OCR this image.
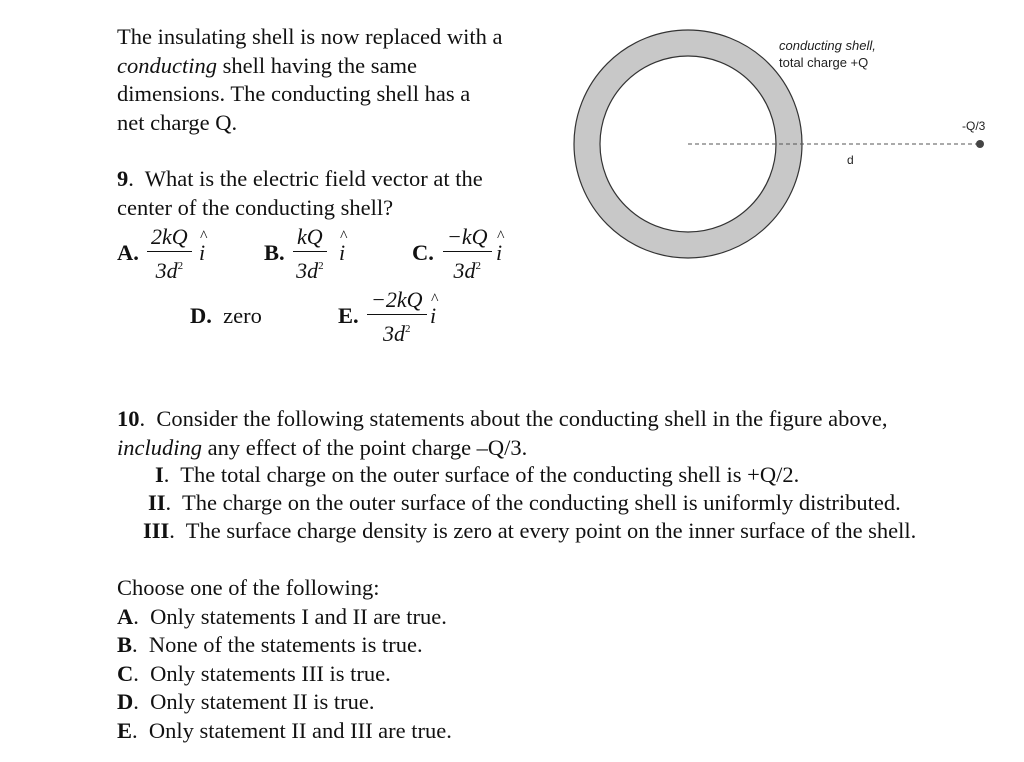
The insulating shell is now replaced with a
conducting shell having the same
dimensions. The conducting shell has a
net charge Q.
9.  What is the electric field vector at the
center of the conducting shell?
A.
2kQ
$3d^2$
^
i	B.
kQ
$3d^2$
^
i	C.
−kQ
$3d^2$
^
i
D. zero	E.
−2kQ
$3d^2$
^
i
conducting shell,
total charge +Q
-Q/3
d
10.  Consider the following statements about the conducting shell in the figure above,
including any effect of the point charge –Q/3.
I.  The total charge on the outer surface of the conducting shell is +Q/2.
II.  The charge on the outer surface of the conducting shell is uniformly distributed.
III.  The surface charge density is zero at every point on the inner surface of the shell.
Choose one of the following:
A.  Only statements I and II are true.
B.  None of the statements is true.
C.  Only statements III is true.
D.  Only statement II is true.
E.  Only statement II and III are true.
